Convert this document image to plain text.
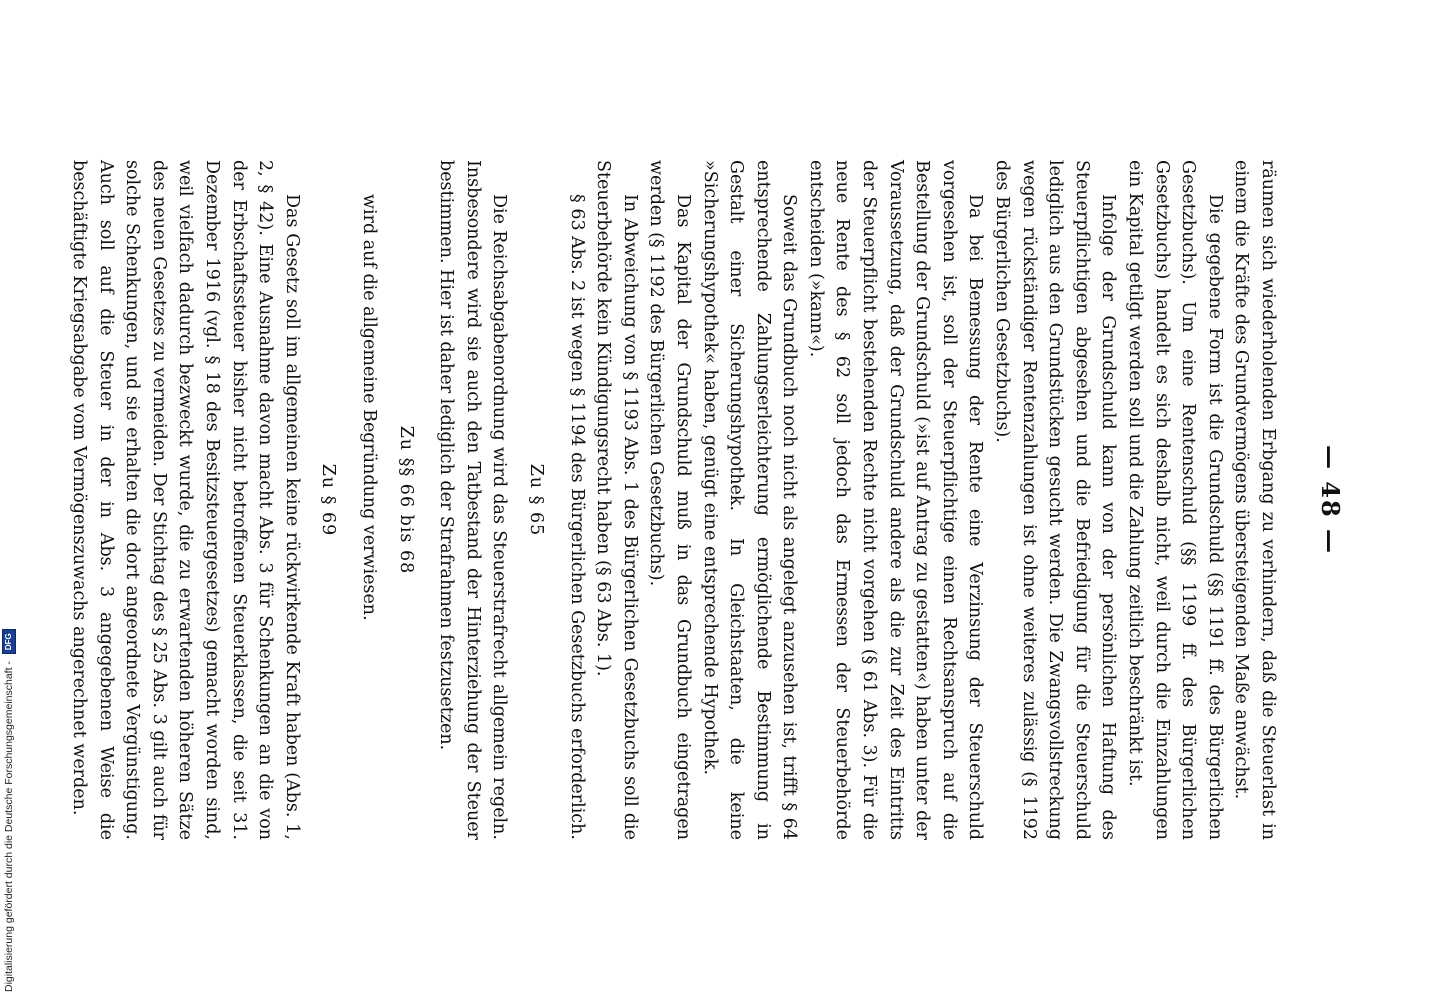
— 48 —

räumen sich wiederholenden Erbgang zu verhindern, daß die Steuerlast in einem die Kräfte des Grundvermögens übersteigenden Maße anwächst.

Die gegebene Form ist die Grundschuld (§§ 1191 ff. des Bürgerlichen Gesetzbuchs). Um eine Rentenschuld (§§ 1199 ff. des Bürgerlichen Gesetzbuchs) handelt es sich deshalb nicht, weil durch die Einzahlungen ein Kapital getilgt werden soll und die Zahlung zeitlich beschränkt ist.

Infolge der Grundschuld kann von der persönlichen Haftung des Steuerpflichtigen abgesehen und die Befriedigung für die Steuerschuld lediglich aus den Grundstücken gesucht werden. Die Zwangsvollstreckung wegen rückständiger Rentenzahlungen ist ohne weiteres zulässig (§ 1192 des Bürgerlichen Gesetzbuchs).

Da bei Bemessung der Rente eine Verzinsung der Steuerschuld vorgesehen ist, soll der Steuerpflichtige einen Rechtsanspruch auf die Bestellung der Grundschuld (»ist auf Antrag zu gestatten«) haben unter der Voraussetzung, daß der Grundschuld andere als die zur Zeit des Eintritts der Steuerpflicht bestehenden Rechte nicht vorgehen (§ 61 Abs. 3). Für die neue Rente des § 62 soll jedoch das Ermessen der Steuerbehörde entscheiden (»kann«).

Soweit das Grundbuch noch nicht als angelegt anzusehen ist, trifft § 64 entsprechende Zahlungserleichterung ermöglichende Bestimmung in Gestalt einer Sicherungshypothek. In Gleichstaaten, die keine »Sicherungshypothek« haben, genügt eine entsprechende Hypothek.

Das Kapital der Grundschuld muß in das Grundbuch eingetragen werden (§ 1192 des Bürgerlichen Gesetzbuchs).

In Abweichung von § 1193 Abs. 1 des Bürgerlichen Gesetzbuchs soll die Steuerbehörde kein Kündigungsrecht haben (§ 63 Abs. 1).

§ 63 Abs. 2 ist wegen § 1194 des Bürgerlichen Gesetzbuchs erforderlich.

Zu § 65

Die Reichsabgabenordnung wird das Steuerstrafrecht allgemein regeln. Insbesondere wird sie auch den Tatbestand der Hinterziehung der Steuer bestimmen. Hier ist daher lediglich der Strafrahmen festzusetzen.

Zu §§ 66 bis 68

wird auf die allgemeine Begründung verwiesen.

Zu § 69

Das Gesetz soll im allgemeinen keine rückwirkende Kraft haben (Abs. 1, 2, § 42). Eine Ausnahme davon macht Abs. 3 für Schenkungen an die von der Erbschaftssteuer bisher nicht betroffenen Steuerklassen, die seit 31. Dezember 1916 (vgl. § 18 des Besitzsteuergesetzes) gemacht worden sind, weil vielfach dadurch bezweckt wurde, die zu erwartenden höheren Sätze des neuen Gesetzes zu vermeiden. Der Stichtag des § 25 Abs. 3 gilt auch für solche Schenkungen, und sie erhalten die dort angeordnete Vergünstigung. Auch soll auf die Steuer in der in Abs. 3 angegebenen Weise die beschäftigte Kriegsabgabe vom Vermögenszuwachs angerechnet werden.

Digitalisierung gefördert durch die Deutsche Forschungsgemeinschaft - DFG
